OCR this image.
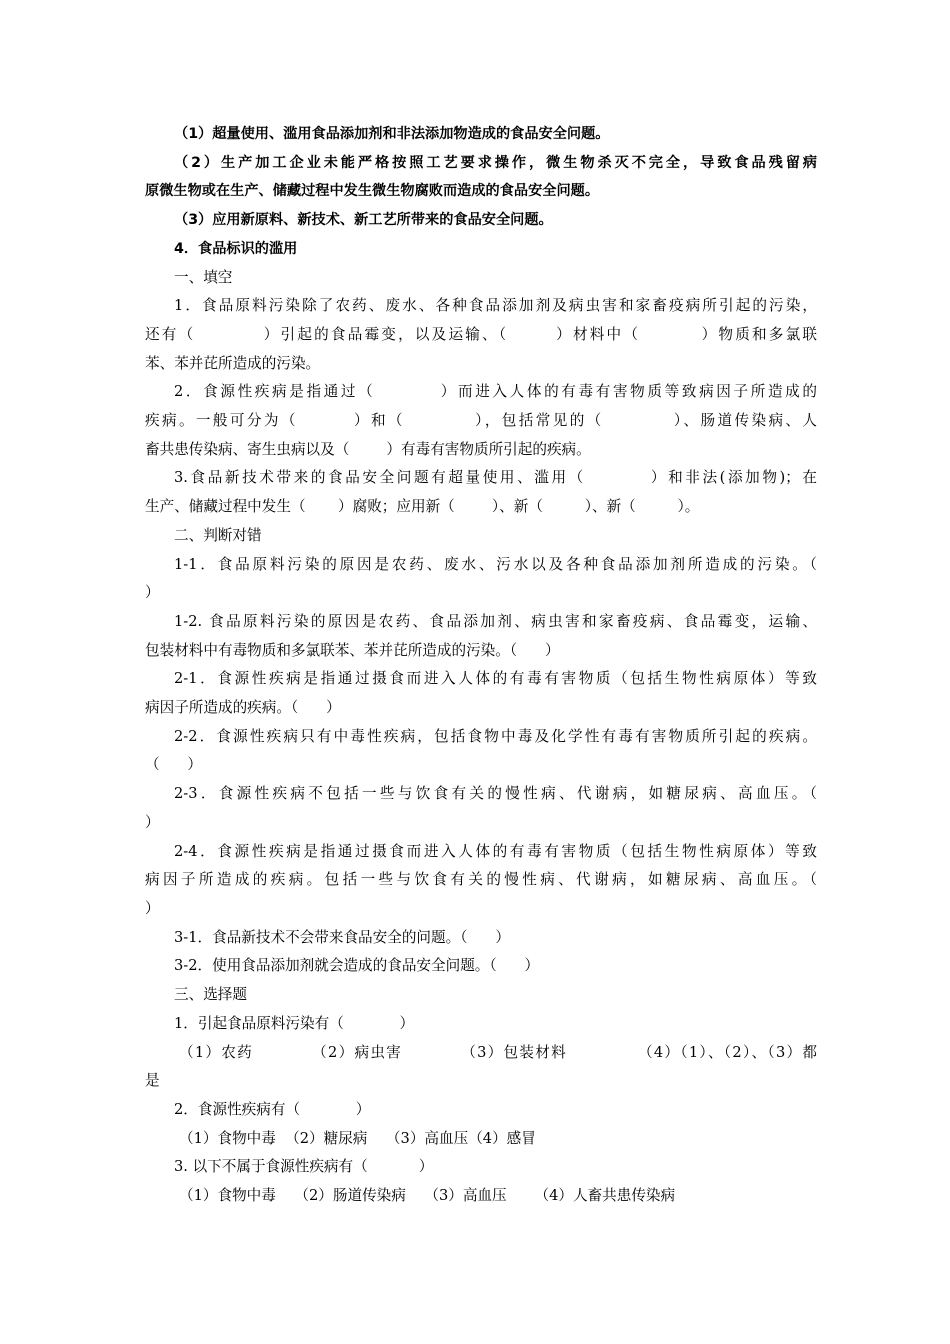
（1）超量使用、滥用食品添加剂和非法添加物造成的食品安全问题。
（2）生产加工企业未能严格按照工艺要求操作，微生物杀灭不完全，导致食品残留病
原微生物或在生产、储藏过程中发生微生物腐败而造成的食品安全问题。
（3）应用新原料、新技术、新工艺所带来的食品安全问题。
4．食品标识的滥用
一、填空
1．食品原料污染除了农药、废水、各种食品添加剂及病虫害和家畜疫病所引起的污染，
还有（          ）引起的食品霉变，以及运输、（       ）材料中（         ）物质和多氯联
苯、苯并芘所造成的污染。
2．食源性疾病是指通过（         ）而进入人体的有毒有害物质等致病因子所造成的
疾病。一般可分为（        ）和（          ），包括常见的（          ）、肠道传染病、人
畜共患传染病、寄生虫病以及（        ）有毒有害物质所引起的疾病。
3.食品新技术带来的食品安全问题有超量使用、滥用（         ）和非法(添加物)；在
生产、储藏过程中发生（       ）腐败；应用新（        ）、新（         ）、新（         ）。
二、判断对错
1-1．食品原料污染的原因是农药、废水、污水以及各种食品添加剂所造成的污染。（
）
1-2. 食品原料污染的原因是农药、食品添加剂、病虫害和家畜疫病、食品霉变，运输、
包装材料中有毒物质和多氯联苯、苯并芘所造成的污染。（      ）
2-1．食源性疾病是指通过摄食而进入人体的有毒有害物质（包括生物性病原体）等致
病因子所造成的疾病。（      ）
2-2．食源性疾病只有中毒性疾病，包括食物中毒及化学性有毒有害物质所引起的疾病。
（      ）
2-3．食源性疾病不包括一些与饮食有关的慢性病、代谢病，如糖尿病、高血压。（
）
2-4．食源性疾病是指通过摄食而进入人体的有毒有害物质（包括生物性病原体）等致
病因子所造成的疾病。包括一些与饮食有关的慢性病、代谢病，如糖尿病、高血压。（
）
3-1．食品新技术不会带来食品安全的问题。（      ）
3-2．使用食品添加剂就会造成的食品安全问题。（      ）
三、选择题
1．引起食品原料污染有（            ）
（1）农药          （2）病虫害          （3）包装材料            （4）（1）、（2）、（3）都
是
2．食源性疾病有（            ）
（1）食物中毒  （2）糖尿病    （3）高血压（4）感冒
3. 以下不属于食源性疾病有（           ）
（1）食物中毒    （2）肠道传染病    （3）高血压      （4）人畜共患传染病
